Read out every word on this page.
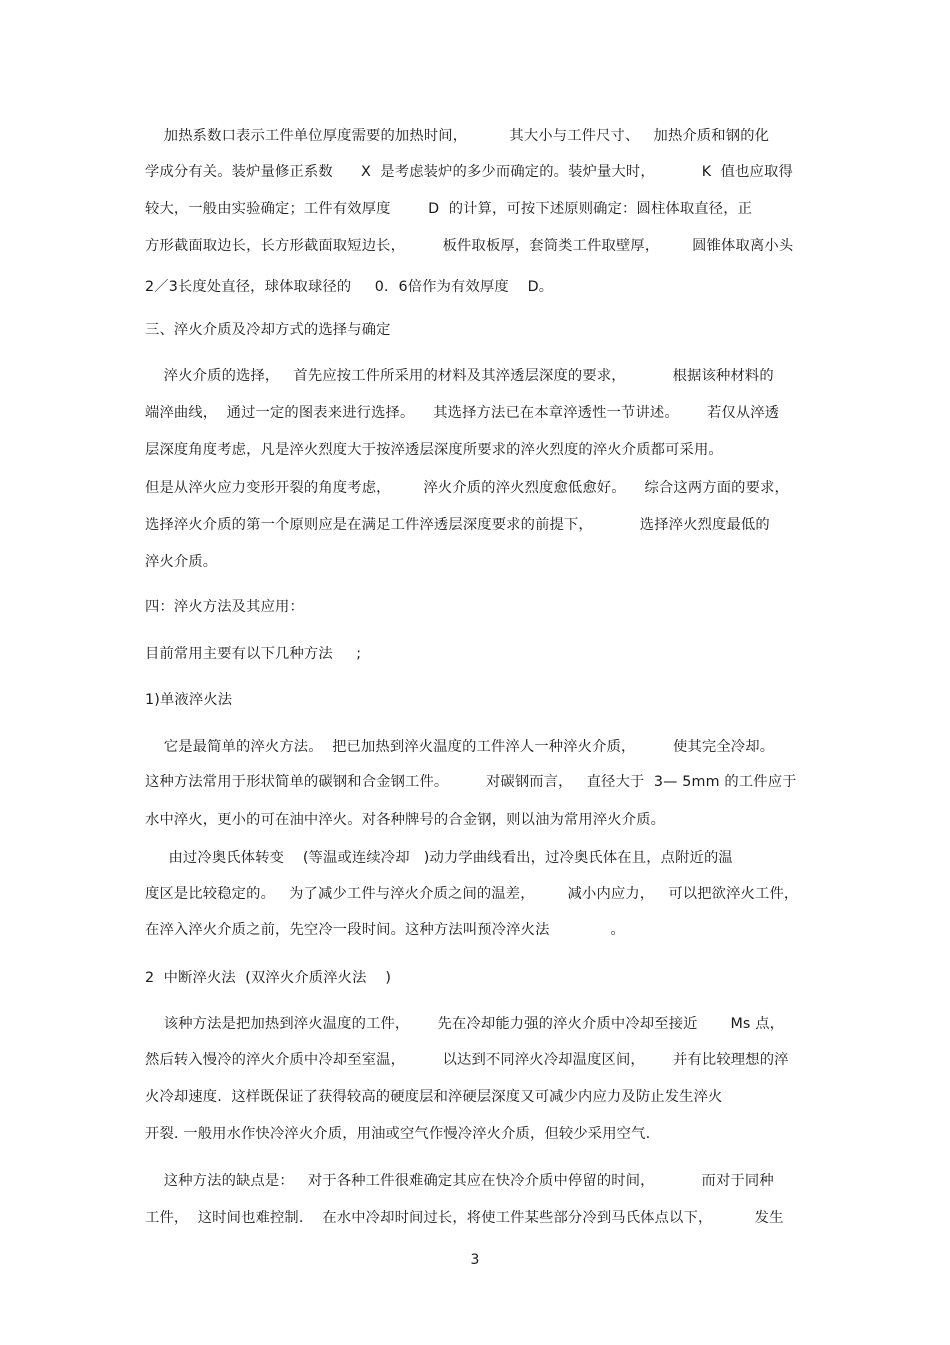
加热系数口表示工件单位厚度需要的加热时间，         其大小与工件尺寸、   加热介质和钢的化
学成分有关。装炉量修正系数      X  是考虑装炉的多少而确定的。装炉量大时，          K  值也应取得
较大，一般由实验确定；工件有效厚度        D  的计算，可按下述原则确定：圆柱体取直径，正
方形截面取边长，长方形截面取短边长，        板件取板厚，套筒类工件取壁厚，       圆锥体取离小头
2／3长度处直径，球体取球径的     0．6倍作为有效厚度    D。
三、淬火介质及冷却方式的选择与确定
淬火介质的选择，   首先应按工件所采用的材料及其淬透层深度的要求，          根据该种材料的
端淬曲线，  通过一定的图表来进行选择。    其选择方法已在本章淬透性一节讲述。      若仅从淬透
层深度角度考虑，凡是淬火烈度大于按淬透层深度所要求的淬火烈度的淬火介质都可采用。
但是从淬火应力变形开裂的角度考虑，       淬火介质的淬火烈度愈低愈好。    综合这两方面的要求，
选择淬火介质的第一个原则应是在满足工件淬透层深度要求的前提下，          选择淬火烈度最低的
淬火介质。
四：淬火方法及其应用：
目前常用主要有以下几种方法     ;
1)单液淬火法
它是最简单的淬火方法。  把已加热到淬火温度的工件淬人一种淬火介质，        使其完全冷却。
这种方法常用于形状简单的碳钢和合金钢工件。        对碳钢而言，   直径大于  3— 5mm 的工件应于
水中淬火，更小的可在油中淬火。对各种牌号的合金钢，则以油为常用淬火介质。
由过冷奥氏体转变    (等温或连续冷却   )动力学曲线看出，过冷奥氏体在且，点附近的温
度区是比较稳定的。   为了减少工件与淬火介质之间的温差，       减小内应力，   可以把欲淬火工件，
在淬入淬火介质之前，先空冷一段时间。这种方法叫预冷淬火法             。
2  中断淬火法  (双淬火介质淬火法    )
该种方法是把加热到淬火温度的工件，      先在冷却能力强的淬火介质中冷却至接近       Ms 点，
然后转入慢冷的淬火介质中冷却至室温，        以达到不同淬火冷却温度区间，      并有比较理想的淬
火冷却速度.  这样既保证了获得较高的硬度层和淬硬层深度又可减少内应力及防止发生淬火
开裂. 一般用水作快冷淬火介质，用油或空气作慢冷淬火介质，但较少采用空气.
这种方法的缺点是：   对于各种工件很难确定其应在快冷介质中停留的时间，          而对于同种
工件，  这时间也难控制.    在水中冷却时间过长，将使工件某些部分冷到马氏体点以下，         发生
3
